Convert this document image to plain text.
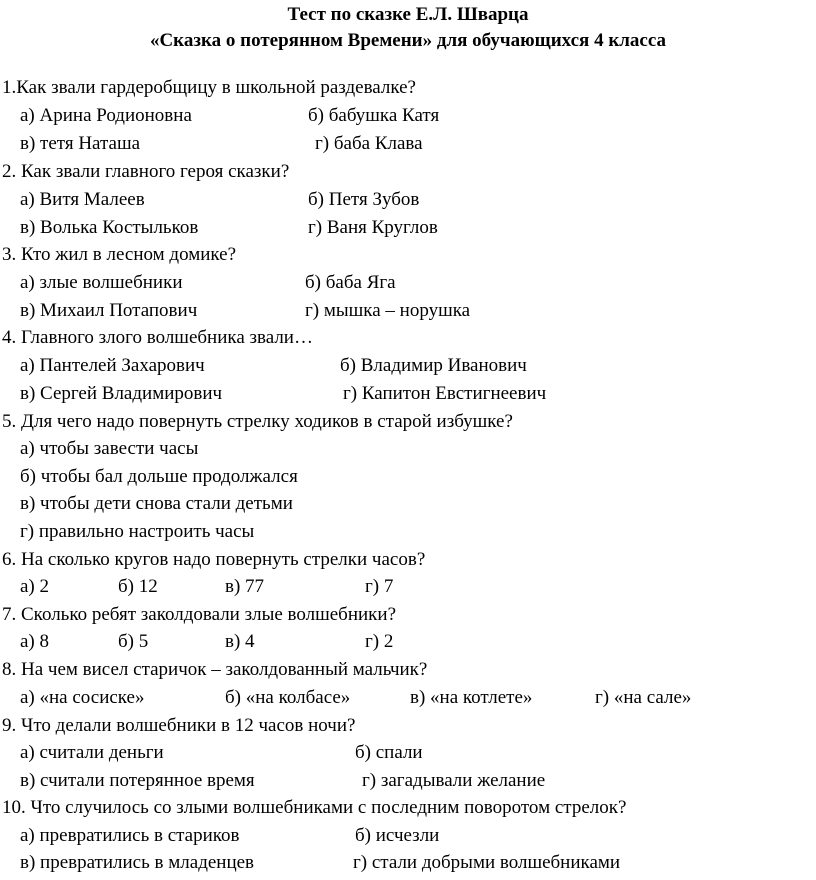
Тест по сказке Е.Л. Шварца
«Сказка о потерянном Времени» для обучающихся 4 класса
1.Как звали гардеробщицу в школьной раздевалке?
а) Арина Родионовна	б) бабушка Катя
в) тетя Наташа	г) баба Клава
2. Как звали главного героя сказки?
а) Витя Малеев	б) Петя Зубов
в) Волька Костыльков	г) Ваня Круглов
3. Кто жил в лесном домике?
а) злые волшебники	б) баба Яга
в) Михаил Потапович	г) мышка – норушка
4. Главного злого волшебника звали…
а) Пантелей Захарович	б) Владимир Иванович
в) Сергей Владимирович	г) Капитон Евстигнеевич
5. Для чего надо повернуть стрелку ходиков в старой избушке?
а) чтобы завести часы
б) чтобы бал дольше продолжался
в) чтобы дети снова стали детьми
г) правильно настроить часы
6. На сколько кругов надо повернуть стрелки часов?
а) 2	б) 12	в) 77	г) 7
7. Сколько ребят заколдовали злые волшебники?
а) 8	б) 5	в) 4	г) 2
8. На чем висел старичок – заколдованный мальчик?
а) «на сосиске»	б) «на колбасе»	в) «на котлете»	г) «на сале»
9. Что делали волшебники в 12 часов ночи?
а) считали деньги	б) спали
в) считали потерянное время	г) загадывали желание
10. Что случилось со злыми волшебниками с последним поворотом стрелок?
а) превратились в стариков	б) исчезли
в) превратились в младенцев	г) стали добрыми волшебниками
